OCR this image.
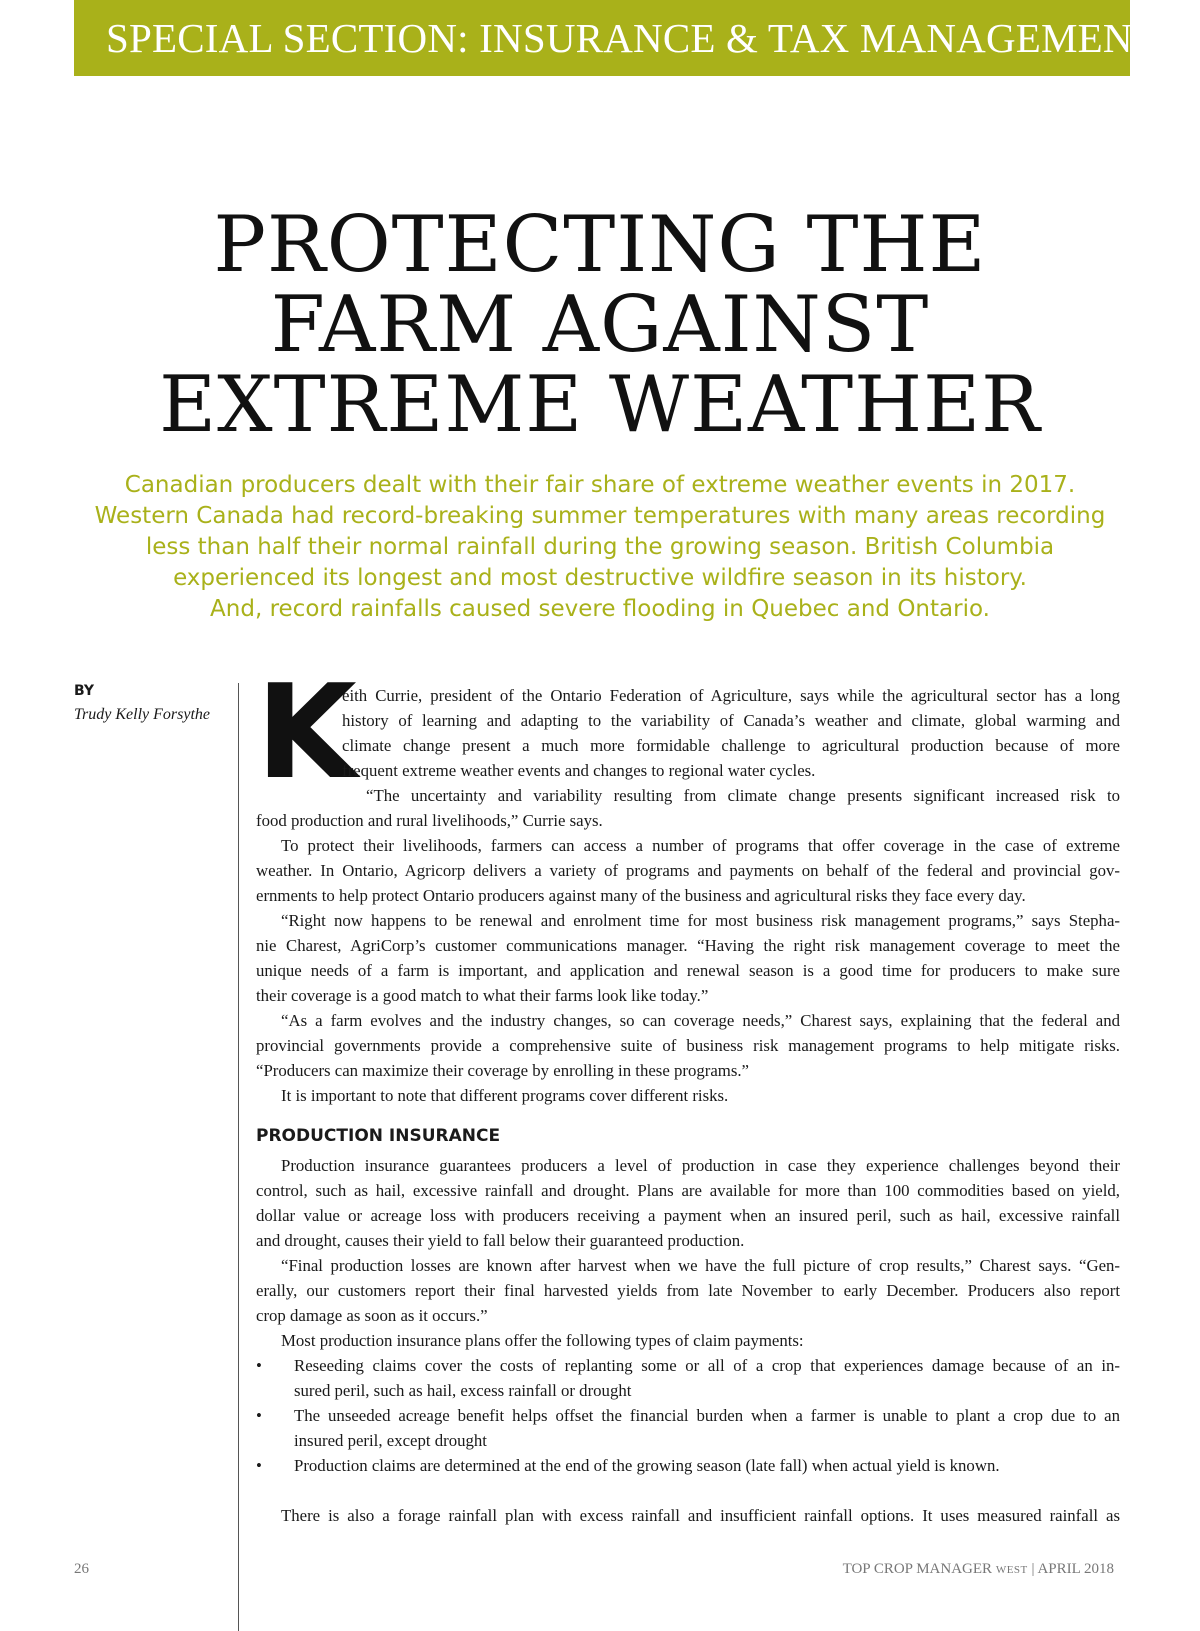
SPECIAL SECTION: INSURANCE & TAX MANAGEMENT
PROTECTING THE
FARM AGAINST
EXTREME WEATHER
Canadian producers dealt with their fair share of extreme weather events in 2017.
Western Canada had record-breaking summer temperatures with many areas recording
less than half their normal rainfall during the growing season. British Columbia
experienced its longest and most destructive wildfire season in its history.
And, record rainfalls caused severe flooding in Quebec and Ontario.
BY
Trudy Kelly Forsythe K
eith Currie, president of the Ontario Federation of Agriculture, says while the agricultural sector has a long
history of learning and adapting to the variability of Canada’s weather and climate, global warming and
climate change present a much more formidable challenge to agricultural production because of more
frequent extreme weather events and changes to regional water cycles.
“The uncertainty and variability resulting from climate change presents significant increased risk to
food production and rural livelihoods,” Currie says.
To protect their livelihoods, farmers can access a number of programs that offer coverage in the case of extreme
weather. In Ontario, Agricorp delivers a variety of programs and payments on behalf of the federal and provincial gov-
ernments to help protect Ontario producers against many of the business and agricultural risks they face every day.
“Right now happens to be renewal and enrolment time for most business risk management programs,” says Stepha-
nie Charest, AgriCorp’s customer communications manager. “Having the right risk management coverage to meet the
unique needs of a farm is important, and application and renewal season is a good time for producers to make sure
their coverage is a good match to what their farms look like today.”
“As a farm evolves and the industry changes, so can coverage needs,” Charest says, explaining that the federal and
provincial governments provide a comprehensive suite of business risk management programs to help mitigate risks.
“Producers can maximize their coverage by enrolling in these programs.”
It is important to note that different programs cover different risks.
PRODUCTION INSURANCE
Production insurance guarantees producers a level of production in case they experience challenges beyond their
control, such as hail, excessive rainfall and drought. Plans are available for more than 100 commodities based on yield,
dollar value or acreage loss with producers receiving a payment when an insured peril, such as hail, excessive rainfall
and drought, causes their yield to fall below their guaranteed production.
“Final production losses are known after harvest when we have the full picture of crop results,” Charest says. “Gen-
erally, our customers report their final harvested yields from late November to early December. Producers also report
crop damage as soon as it occurs.”
Most production insurance plans offer the following types of claim payments:
• Reseeding claims cover the costs of replanting some or all of a crop that experiences damage because of an in-
sured peril, such as hail, excess rainfall or drought
• The unseeded acreage benefit helps offset the financial burden when a farmer is unable to plant a crop due to an
insured peril, except drought
• Production claims are determined at the end of the growing season (late fall) when actual yield is known.
There is also a forage rainfall plan with excess rainfall and insufficient rainfall options. It uses measured rainfall as
26	TOP CROP MANAGER WEST | APRIL 2018
